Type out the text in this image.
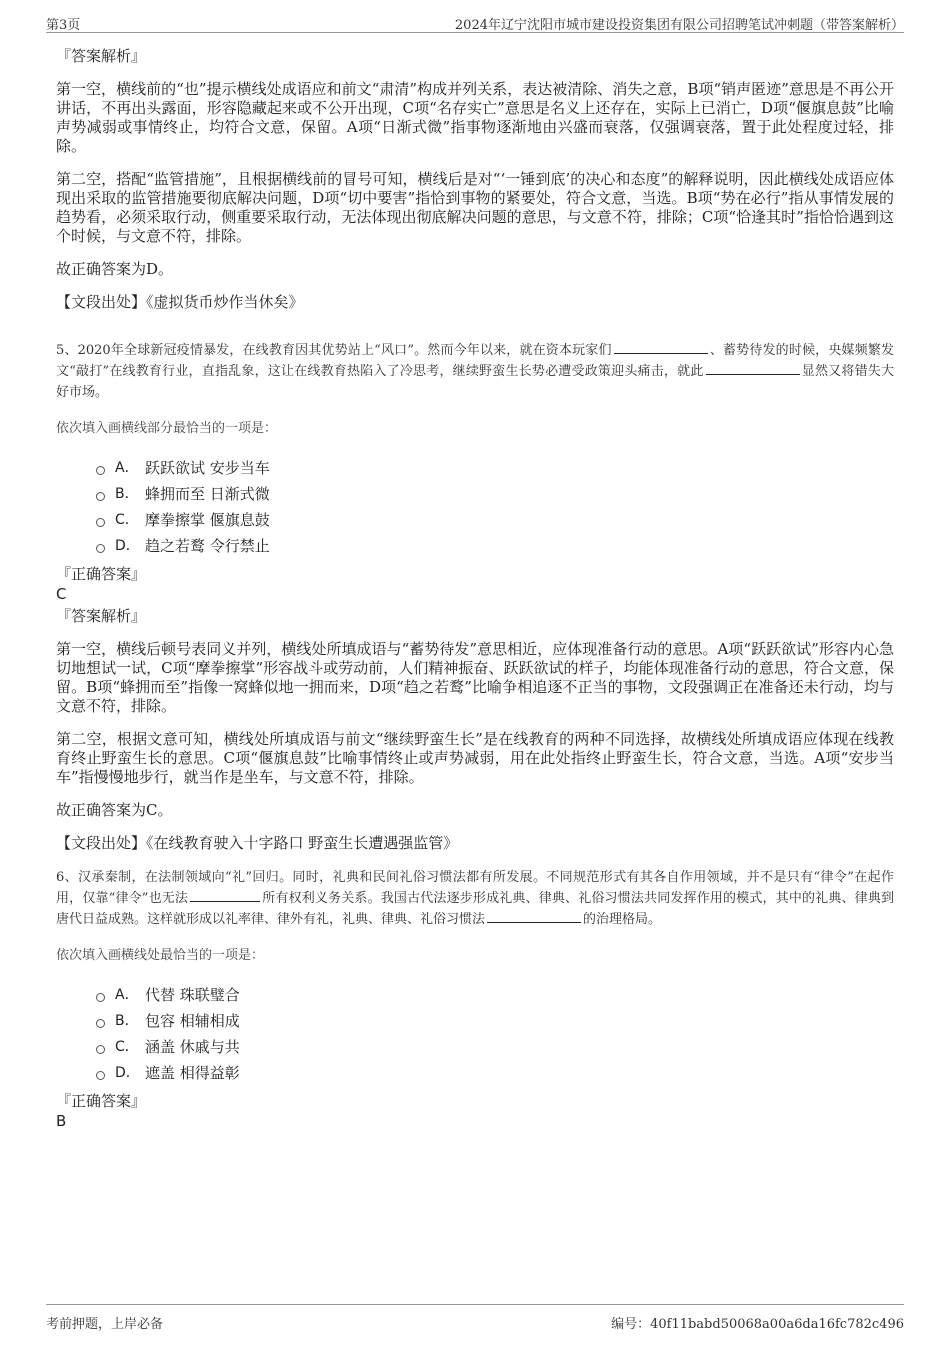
第3页	2024年辽宁沈阳市城市建设投资集团有限公司招聘笔试冲刺题（带答案解析）
『答案解析』

第一空，横线前的“也”提示横线处成语应和前文“肃清”构成并列关系，表达被清除、消失之意，B项“销声匿迹”意思是不再公开讲话，不再出头露面，形容隐藏起来或不公开出现，C项“名存实亡”意思是名义上还存在，实际上已消亡，D项“偃旗息鼓”比喻声势减弱或事情终止，均符合文意，保留。A项“日渐式微”指事物逐渐地由兴盛而衰落，仅强调衰落，置于此处程度过轻，排除。

第二空，搭配“监管措施”，且根据横线前的冒号可知，横线后是对“‘一锤到底’的决心和态度”的解释说明，因此横线处成语应体现出采取的监管措施要彻底解决问题，D项“切中要害”指恰到事物的紧要处，符合文意，当选。B项“势在必行”指从事情发展的趋势看，必须采取行动，侧重要采取行动，无法体现出彻底解决问题的意思，与文意不符，排除；C项“恰逢其时”指恰恰遇到这个时候，与文意不符，排除。

故正确答案为D。

【文段出处】《虚拟货币炒作当休矣》

5、2020年全球新冠疫情暴发，在线教育因其优势站上“风口”。然而今年以来，就在资本玩家们	、蓄势待发的时候，央媒频繁发文“敲打”在线教育行业，直指乱象，这让在线教育热陷入了冷思考，继续野蛮生长势必遭受政策迎头痛击，就此	显然又将错失大好市场。

依次填入画横线部分最恰当的一项是：

A． 跃跃欲试 安步当车
B． 蜂拥而至 日渐式微
C． 摩拳擦掌 偃旗息鼓
D． 趋之若鹜 令行禁止
『正确答案』
C
『答案解析』

第一空，横线后顿号表同义并列，横线处所填成语与“蓄势待发”意思相近，应体现准备行动的意思。A项“跃跃欲试”形容内心急切地想试一试，C项“摩拳擦掌”形容战斗或劳动前，人们精神振奋、跃跃欲试的样子，均能体现准备行动的意思，符合文意，保留。B项“蜂拥而至”指像一窝蜂似地一拥而来，D项“趋之若鹜”比喻争相追逐不正当的事物，文段强调正在准备还未行动，均与文意不符，排除。

第二空，根据文意可知，横线处所填成语与前文“继续野蛮生长”是在线教育的两种不同选择，故横线处所填成语应体现在线教育终止野蛮生长的意思。C项“偃旗息鼓”比喻事情终止或声势减弱，用在此处指终止野蛮生长，符合文意，当选。A项“安步当车”指慢慢地步行，就当作是坐车，与文意不符，排除。

故正确答案为C。

【文段出处】《在线教育驶入十字路口 野蛮生长遭遇强监管》

6、汉承秦制，在法制领域向“礼”回归。同时，礼典和民间礼俗习惯法都有所发展。不同规范形式有其各自作用领域，并不是只有“律令”在起作用，仅靠“律令”也无法	所有权利义务关系。我国古代法逐步形成礼典、律典、礼俗习惯法共同发挥作用的模式，其中的礼典、律典到唐代日益成熟。这样就形成以礼率律、律外有礼，礼典、律典、礼俗习惯法	的治理格局。

依次填入画横线处最恰当的一项是：

A． 代替 珠联璧合
B． 包容 相辅相成
C． 涵盖 休戚与共
D． 遮盖 相得益彰
『正确答案』
B
考前押题，上岸必备	编号：40f11babd50068a00a6da16fc782c496
